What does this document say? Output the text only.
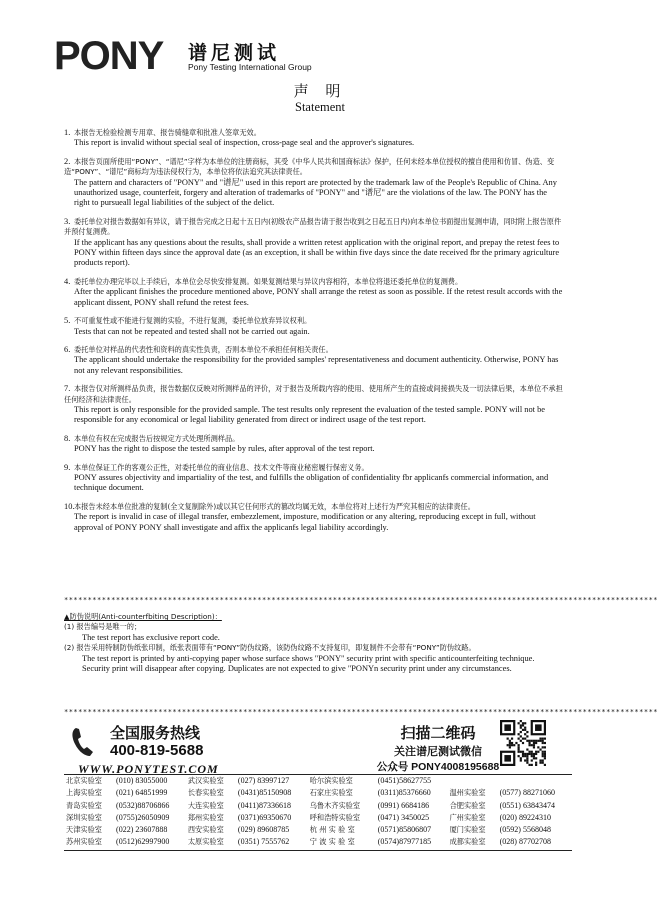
PONY 谱尼测试
Pony Testing International Group
声 明
Statement
1. 本报告无检验检测专用章、报告骑缝章和批准人签章无效。
This report is invalid without special seal of inspection, cross-page seal and the approver's signatures.
2. 本报告页面所使用“PONY”、“谱尼”字样为本单位的注册商标，其受《中华人民共和国商标法》保护，任何未经本单位授权的擅自使用和仿冒、伪造、变造“PONY”、“谱尼”商标均为违法侵权行为，本单位将依法追究其法律责任。
The pattern and characters of "PONY" and "谱尼" used in this report are protected by the trademark law of the People's Republic of China. Any unauthorized usage, counterfeit, forgery and alteration of trademarks of "PONY" and "谱尼" are the violations of the law. The PONY has the right to pursueall legal liabilities of the subject of the delict.
3. 委托单位对报告数据如有异议，请于报告完成之日起十五日内(初级农产品报告请于报告收到之日起五日内)向本单位书面提出复测申请，同时附上报告原件并预付复测费。
If the applicant has any questions about the results, shall provide a written retest application with the original report, and prepay the retest fees to PONY within fifteen days since the approval date (as an exception, it shall be within five days since the date received fbr the primary agriculture products report).
4. 委托单位办理完毕以上手续后，本单位会尽快安排复测。如果复测结果与异议内容相符，本单位将退还委托单位的复测费。
After the applicant finishes the procedure mentioned above, PONY shall arrange the retest as soon as possible. If the retest result accords with the applicant dissent, PONY shall refund the retest fees.
5. 不可重复性或不能进行复测的实验，不进行复测，委托单位放弃异议权利。
Tests that can not be repeated and tested shall not be carried out again.
6. 委托单位对样品的代表性和资料的真实性负责，否则本单位不承担任何相关责任。
The applicant should undertake the responsibility for the provided samples' representativeness and document authenticity. Otherwise, PONY has not any relevant responsibilities.
7. 本报告仅对所测样品负责，报告数据仅反映对所测样品的评价，对于报告及所载内容的使用、使用所产生的直接或间接损失及一切法律后果，本单位不承担任何经济和法律责任。
This report is only responsible for the provided sample. The test results only represent the evaluation of the tested sample. PONY will not be responsible for any economical or legal liability generated from direct or indirect usage of the test report.
8. 本单位有权在完成报告后按规定方式处理所测样品。
PONY has the right to dispose the tested sample by rules, after approval of the test report.
9. 本单位保证工作的客观公正性，对委托单位的商业信息、技术文件等商业秘密履行保密义务。
PONY assures objectivity and impartiality of the test, and fulfills the obligation of confidentiality fbr applicanfs commercial information, and technique document.
10.本报告未经本单位批准的复制(全文复制除外)或以其它任何形式的篡改均属无效，本单位将对上述行为严究其相应的法律责任。
The report is invalid in case of illegal transfer, embezzlement, imposture, modification or any altering, reproducing except in full, without approval of PONY PONY shall investigate and affix the applicanfs legal liability accordingly.
******************************************************************************************************************************
▲防伪说明(Anti-counterfbiting Description)：
(1) 报告编号是唯一的；
The test report has exclusive report code.
(2) 报告采用特制防伪纸张印制，纸张表面带有“PONY”防伪纹路，该防伪纹路不支持复印，即复制件不会带有“PONY”防伪纹路。
The test report is printed by anti-copying paper whose surface shows "PONY" security print with specific anticounterfeiting technique. Security print will disappear after copying. Duplicates are not expected to give "PONYn security print under any circumstances.
******************************************************************************************************************************
全国服务热线
400-819-5688
WWW.PONYTEST.COM
扫描二维码
关注谱尼测试微信
公众号 PONY4008195688
北京实验室	(010) 83055000	武汉实验室	(027) 83997127	哈尔滨实验室	(0451)58627755		
上海实验室	(021) 64851999	长春实验室	(0431)85150908	石家庄实验室	(0311)85376660	温州实验室	(0577) 88271060
青岛实验室	(0532)88706866	大连实验室	(0411)87336618	乌鲁木齐实验室	(0991) 6684186	合肥实验室	(0551) 63843474
深圳实验室	(0755)26050909	郑州实验室	(0371)69350670	呼和浩特实验室	(0471) 3450025	广州实验室	(020) 89224310
天津实验室	(022) 23607888	西安实验室	(029) 89608785	杭 州 实 验 室	(0571)85806807	厦门实验室	(0592) 5568048
苏州实验室	(0512)62997900	太原实验室	(0351) 7555762	宁 波 实 验 室	(0574)87977185	成都实验室	(028) 87702708
